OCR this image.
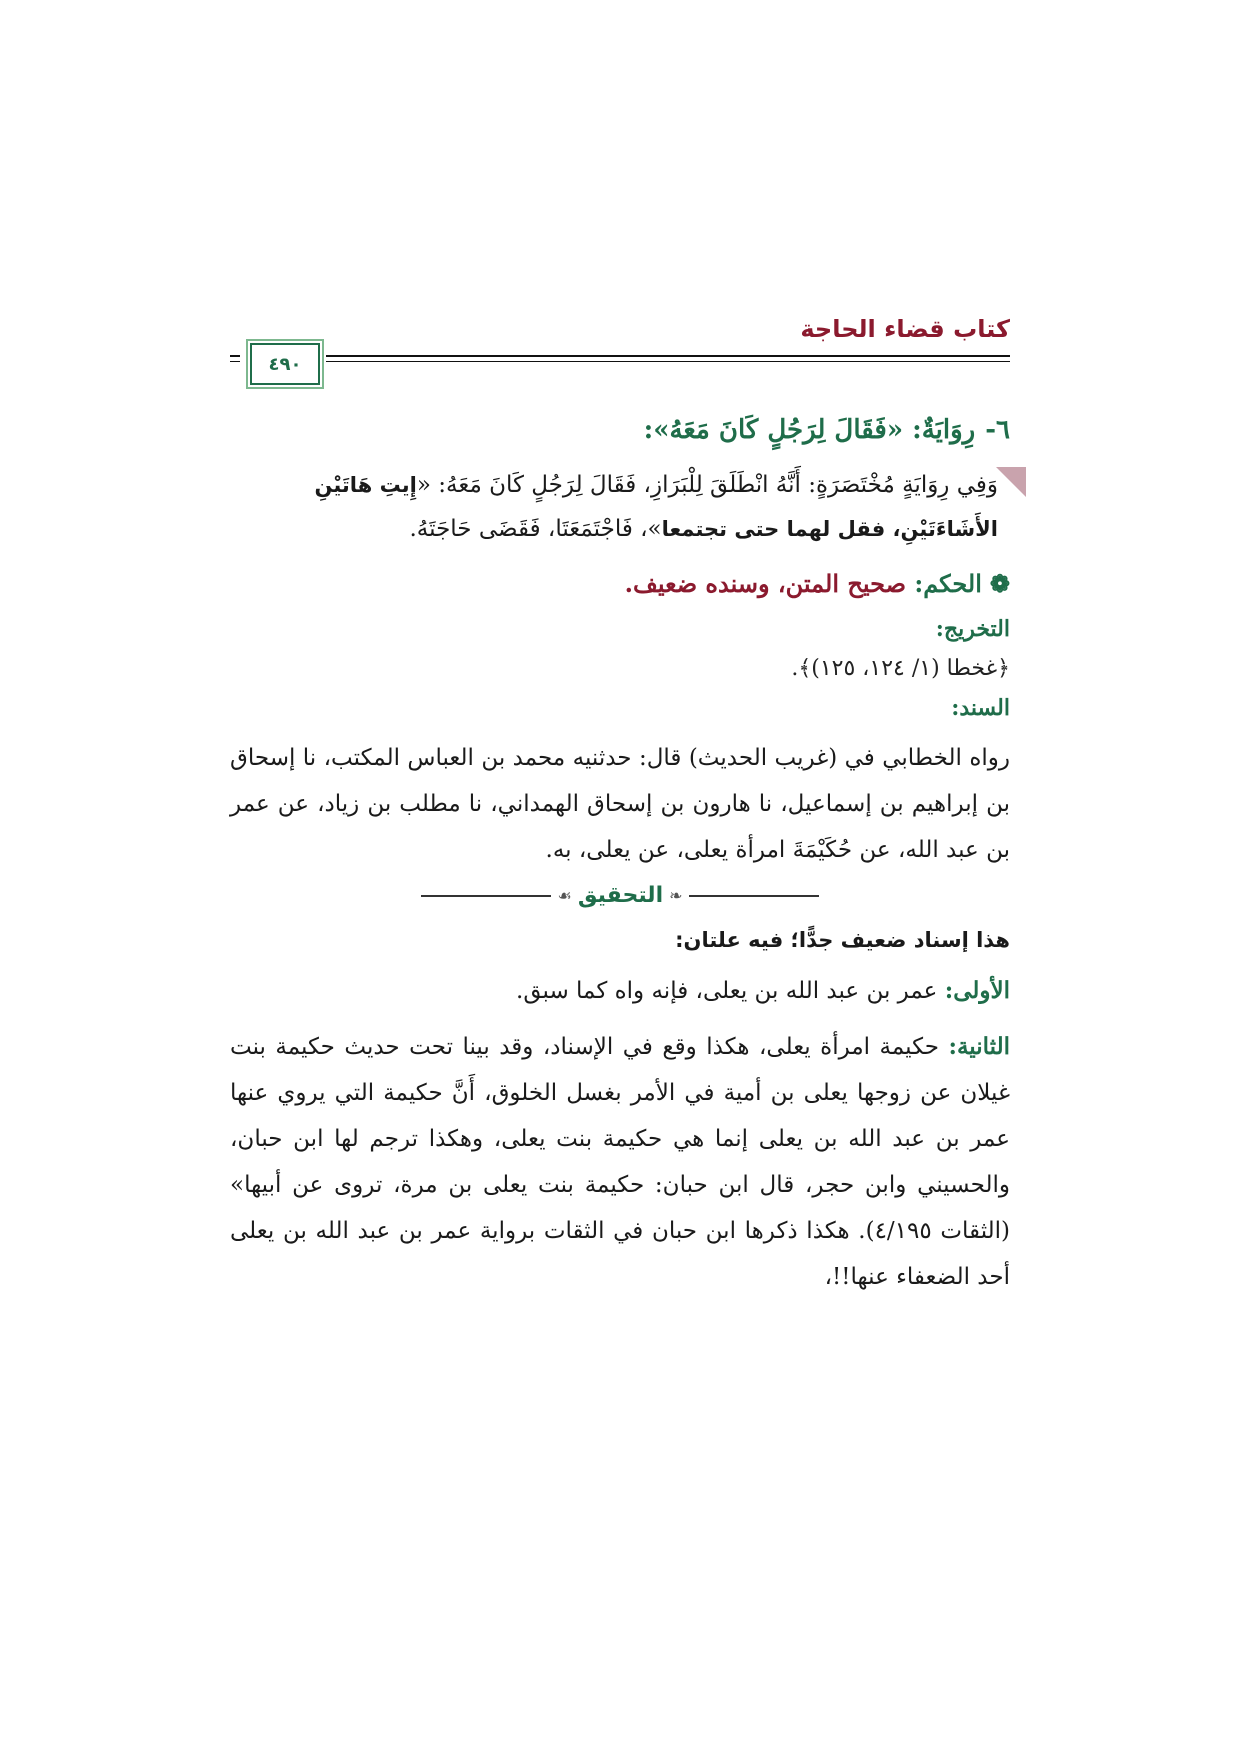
كتاب قضاء الحاجة
٤٩٠
٦-رِوَايَةٌ: «فَقَالَ لِرَجُلٍ كَانَ مَعَهُ»:
وَفِي رِوَايَةٍ مُخْتَصَرَةٍ: أَنَّهُ انْطَلَقَ لِلْبَرَازِ، فَقَالَ لِرَجُلٍ كَانَ مَعَهُ: «إِيتِ هَاتَيْنِ الأَشَاءَتَيْنِ، فقل لهما حتى تجتمعا»، فَاجْتَمَعَتَا، فَقَضَى حَاجَتَهُ.
❁الحكم: صحيح المتن، وسنده ضعيف.
التخريج:
﴿غخطا (١/ ١٢٤، ١٢٥)﴾.
السند:
رواه الخطابي في (غريب الحديث) قال: حدثنيه محمد بن العباس المكتب، نا إسحاق بن إبراهيم بن إسماعيل، نا هارون بن إسحاق الهمداني، نا مطلب بن زياد، عن عمر بن عبد الله، عن حُكَيْمَةَ امرأة يعلى، عن يعلى، به.
❧
التحقيق
☙
هذا إسناد ضعيف جدًّا؛ فيه علتان:
الأولى: عمر بن عبد الله بن يعلى، فإنه واه كما سبق.
الثانية: حكيمة امرأة يعلى، هكذا وقع في الإسناد، وقد بينا تحت حديث حكيمة بنت غيلان عن زوجها يعلى بن أمية في الأمر بغسل الخلوق، أَنَّ حكيمة التي يروي عنها عمر بن عبد الله بن يعلى إنما هي حكيمة بنت يعلى، وهكذا ترجم لها ابن حبان، والحسيني وابن حجر، قال ابن حبان: حكيمة بنت يعلى بن مرة، تروى عن أبيها» (الثقات ٤/١٩٥). هكذا ذكرها ابن حبان في الثقات برواية عمر بن عبد الله بن يعلى أحد الضعفاء عنها!!،
